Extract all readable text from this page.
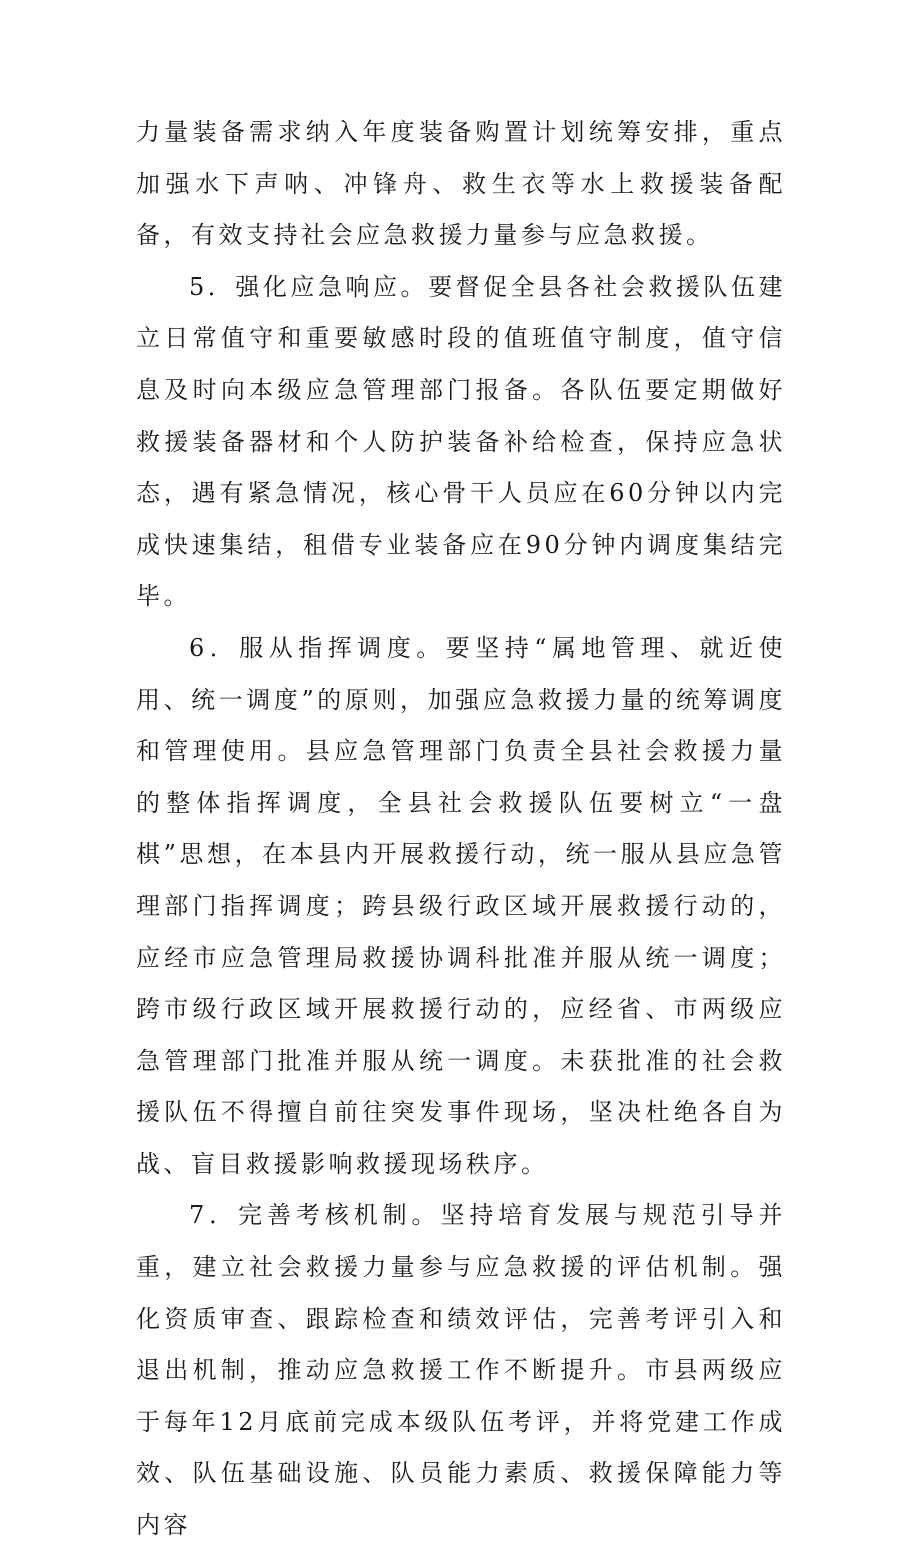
力量装备需求纳入年度装备购置计划统筹安排，重点加强水下声呐、冲锋舟、救生衣等水上救援装备配备，有效支持社会应急救援力量参与应急救援。

5．强化应急响应。要督促全县各社会救援队伍建立日常值守和重要敏感时段的值班值守制度，值守信息及时向本级应急管理部门报备。各队伍要定期做好救援装备器材和个人防护装备补给检查，保持应急状态，遇有紧急情况，核心骨干人员应在60分钟以内完成快速集结，租借专业装备应在90分钟内调度集结完毕。

6．服从指挥调度。要坚持“属地管理、就近使用、统一调度”的原则，加强应急救援力量的统筹调度和管理使用。县应急管理部门负责全县社会救援力量的整体指挥调度，全县社会救援队伍要树立“一盘棋”思想，在本县内开展救援行动，统一服从县应急管理部门指挥调度；跨县级行政区域开展救援行动的，应经市应急管理局救援协调科批准并服从统一调度；跨市级行政区域开展救援行动的，应经省、市两级应急管理部门批准并服从统一调度。未获批准的社会救援队伍不得擅自前往突发事件现场，坚决杜绝各自为战、盲目救援影响救援现场秩序。

7．完善考核机制。坚持培育发展与规范引导并重，建立社会救援力量参与应急救援的评估机制。强化资质审查、跟踪检查和绩效评估，完善考评引入和退出机制，推动应急救援工作不断提升。市县两级应于每年12月底前完成本级队伍考评，并将党建工作成效、队伍基础设施、队员能力素质、救援保障能力等内容
